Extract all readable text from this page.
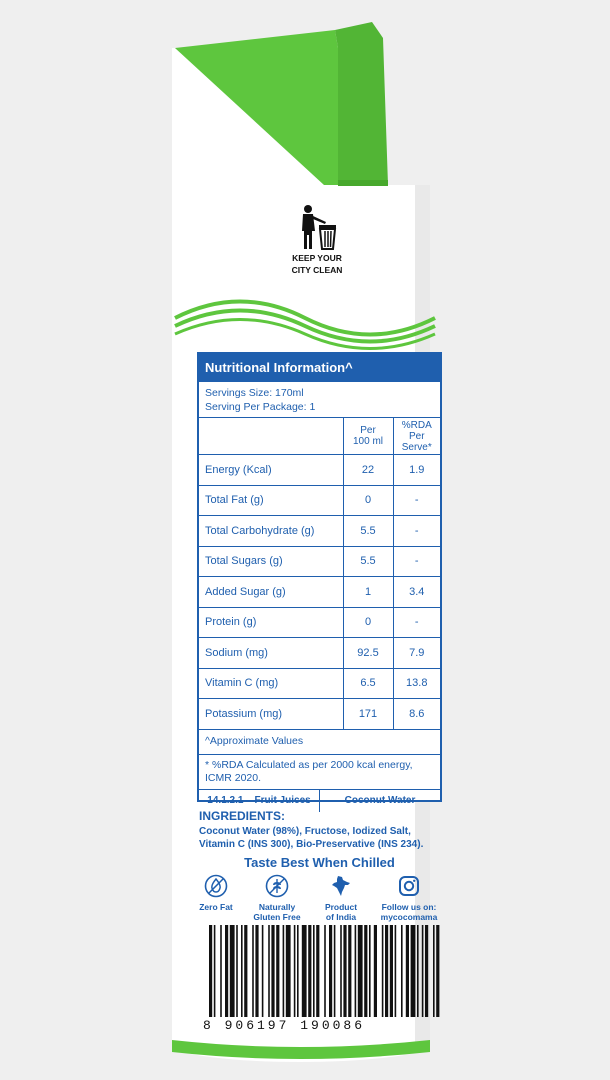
KEEP YOUR
CITY CLEAN
Nutritional Information^
Servings Size: 170ml
Serving Per Package: 1
	Per
100 ml	%RDA
Per
Serve*
Energy (Kcal)	22	1.9
Total Fat (g)	0	-
Total Carbohydrate (g)	5.5	-
Total Sugars (g)	5.5	-
Added Sugar (g)	1	3.4
Protein (g)	0	-
Sodium (mg)	92.5	7.9
Vitamin C (mg)	6.5	13.8
Potassium (mg)	171	8.6
^Approximate Values
* %RDA Calculated as per 2000 kcal energy,
ICMR 2020.
14.1.2.1 – Fruit Juices	Coconut Water
INGREDIENTS:
Coconut Water (98%), Fructose, Iodized Salt,
Vitamin C (INS 300), Bio-Preservative (INS 234).
Taste Best When Chilled
Zero Fat	Naturally
Gluten Free
Product
of India
Follow us on:
mycocomama
8 906197 190086
